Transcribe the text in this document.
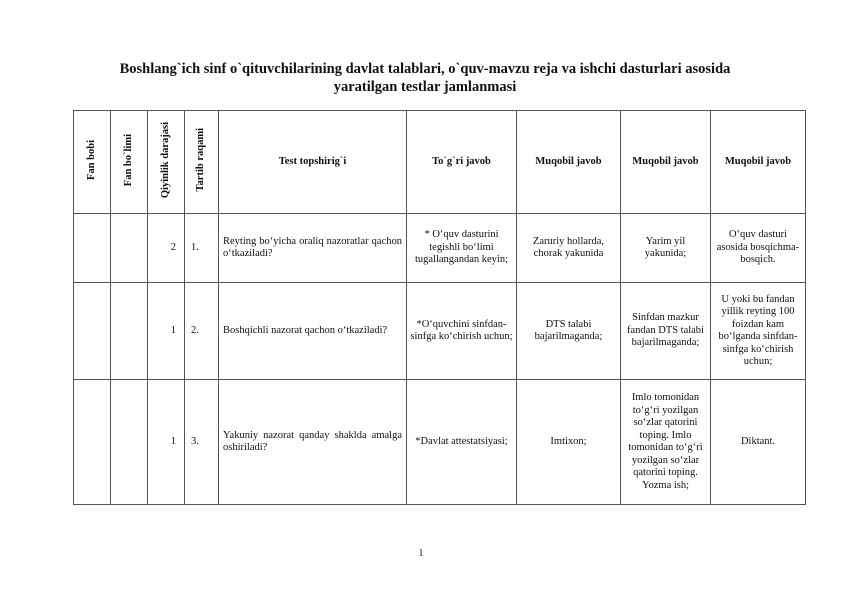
Boshlang`ich sinf o`qituvchilarining davlat talablari, o`quv-mavzu reja va ishchi dasturlari asosida
yaratilgan testlar jamlanmasi
Fan bobi	Fan bo`limi	Qiyinlik darajasi	Tartib raqami	Test topshirig`i	To`g`ri javob	Muqobil javob	Muqobil javob	Muqobil javob
		2	1.	Reyting bo‘yicha oraliq nazoratlar qachon o‘tkaziladi?	* O‘quv dasturini tegishli bo‘limi tugallangandan keyin;	Zaruriy hollarda, chorak yakunida	Yarim yil yakunida;	O‘quv dasturi asosida bosqichma-bosqich.
		1	2.	Boshqichli nazorat qachon o‘tkaziladi?	*O‘quvchini sinfdan-sinfga ko‘chirish uchun;	DTS talabi bajarilmaganda;	Sinfdan mazkur fandan DTS talabi bajarilmaganda;	U yoki bu fandan yillik reyting 100 foizdan kam bo‘lganda sinfdan-sinfga ko‘chirish uchun;
		1	3.	Yakuniy nazorat qanday shaklda amalga oshiriladi?	*Davlat attestatsiyasi;	Imtixon;	Imlo tomonidan to‘g‘ri yozilgan so‘zlar qatorini toping. Imlo tomonidan to‘g‘ri yozilgan so‘zlar qatorini toping. Yozma ish;	Diktant.
1
